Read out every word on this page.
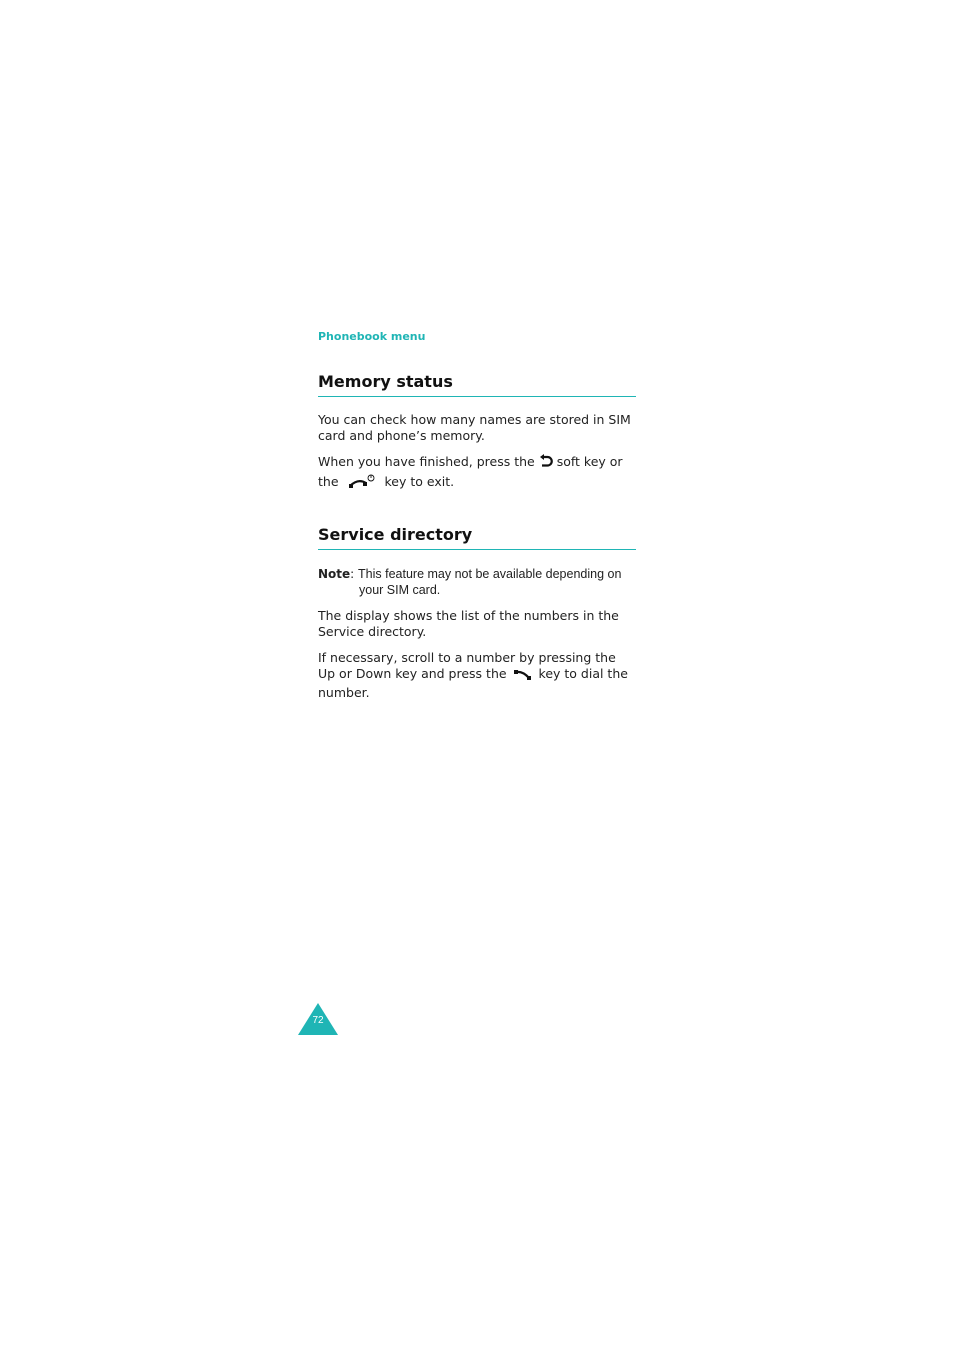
Phonebook menu
Memory status
You can check how many names are stored in SIM card and phone’s memory.
When you have finished, press the soft key or the	key to exit.
Service directory
Note: This feature may not be available depending on
your SIM card.
The display shows the list of the numbers in the Service directory.
If necessary, scroll to a number by pressing the Up or Down key and press the	key to dial the number.
72
